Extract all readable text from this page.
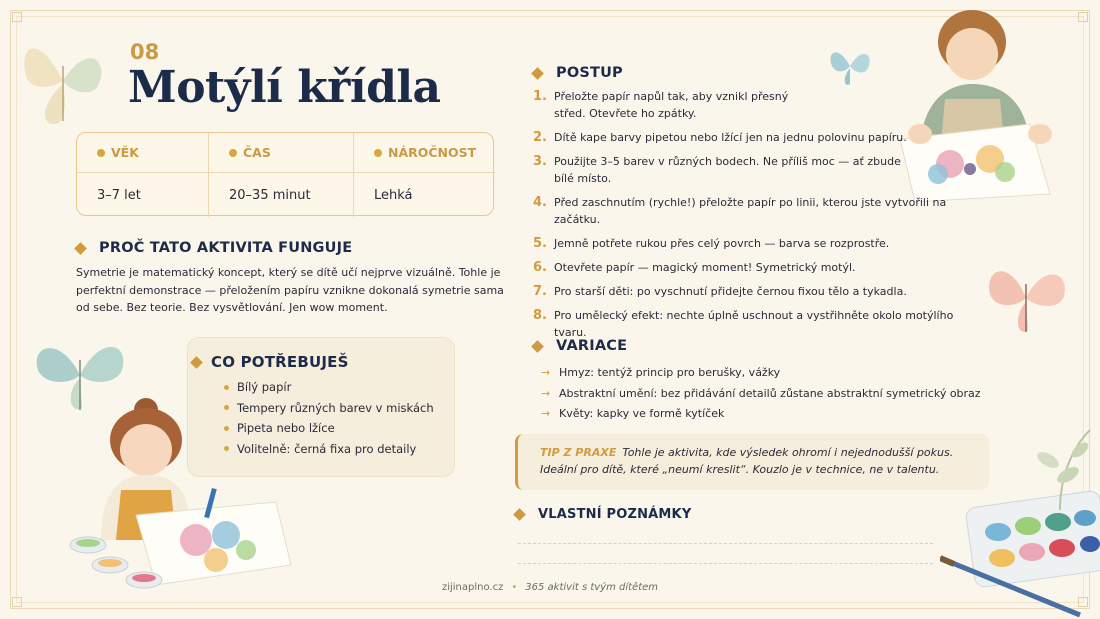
08
Motýlí křídla
VĚK	ČAS	NÁROČNOST
3–7 let	20–35 minut	Lehká
PROČ TATO AKTIVITA FUNGUJE
Symetrie je matematický koncept, který se dítě učí nejprve vizuálně. Tohle je perfektní demonstrace — přeložením papíru vznikne dokonalá symetrie sama od sebe. Bez teorie. Bez vysvětlování. Jen wow moment.
CO POTŘEBUJEŠ
Bílý papír
Tempery různých barev v miskách
Pipeta nebo lžíce
Volitelně: černá fixa pro detaily
POSTUP
1. Přeložte papír napůl tak, aby vznikl přesný
střed. Otevřete ho zpátky.
2. Dítě kape barvy pipetou nebo lžící jen na jednu polovinu papíru.
3. Použijte 3–5 barev v různých bodech. Ne příliš moc — ať zbude
bílé místo.
4. Před zaschnutím (rychle!) přeložte papír po linii, kterou jste vytvořili na začátku.
5. Jemně potřete rukou přes celý povrch — barva se rozprostře.
6. Otevřete papír — magický moment! Symetrický motýl.
7. Pro starší děti: po vyschnutí přidejte černou fixou tělo a tykadla.
8. Pro umělecký efekt: nechte úplně uschnout a vystřihněte okolo motýlího tvaru.
VARIACE
→ Hmyz: tentýž princip pro berušky, vážky
→ Abstraktní umění: bez přidávání detailů zůstane abstraktní symetrický obraz
→ Květy: kapky ve formě kytíček
TIP Z PRAXE Tohle je aktivita, kde výsledek ohromí i nejednodušší pokus. Ideální pro dítě, které „neumí kreslit“. Kouzlo je v technice, ne v talentu.
VLASTNÍ POZNÁMKY
zijinaplno.cz • 365 aktivit s tvým dítětem
